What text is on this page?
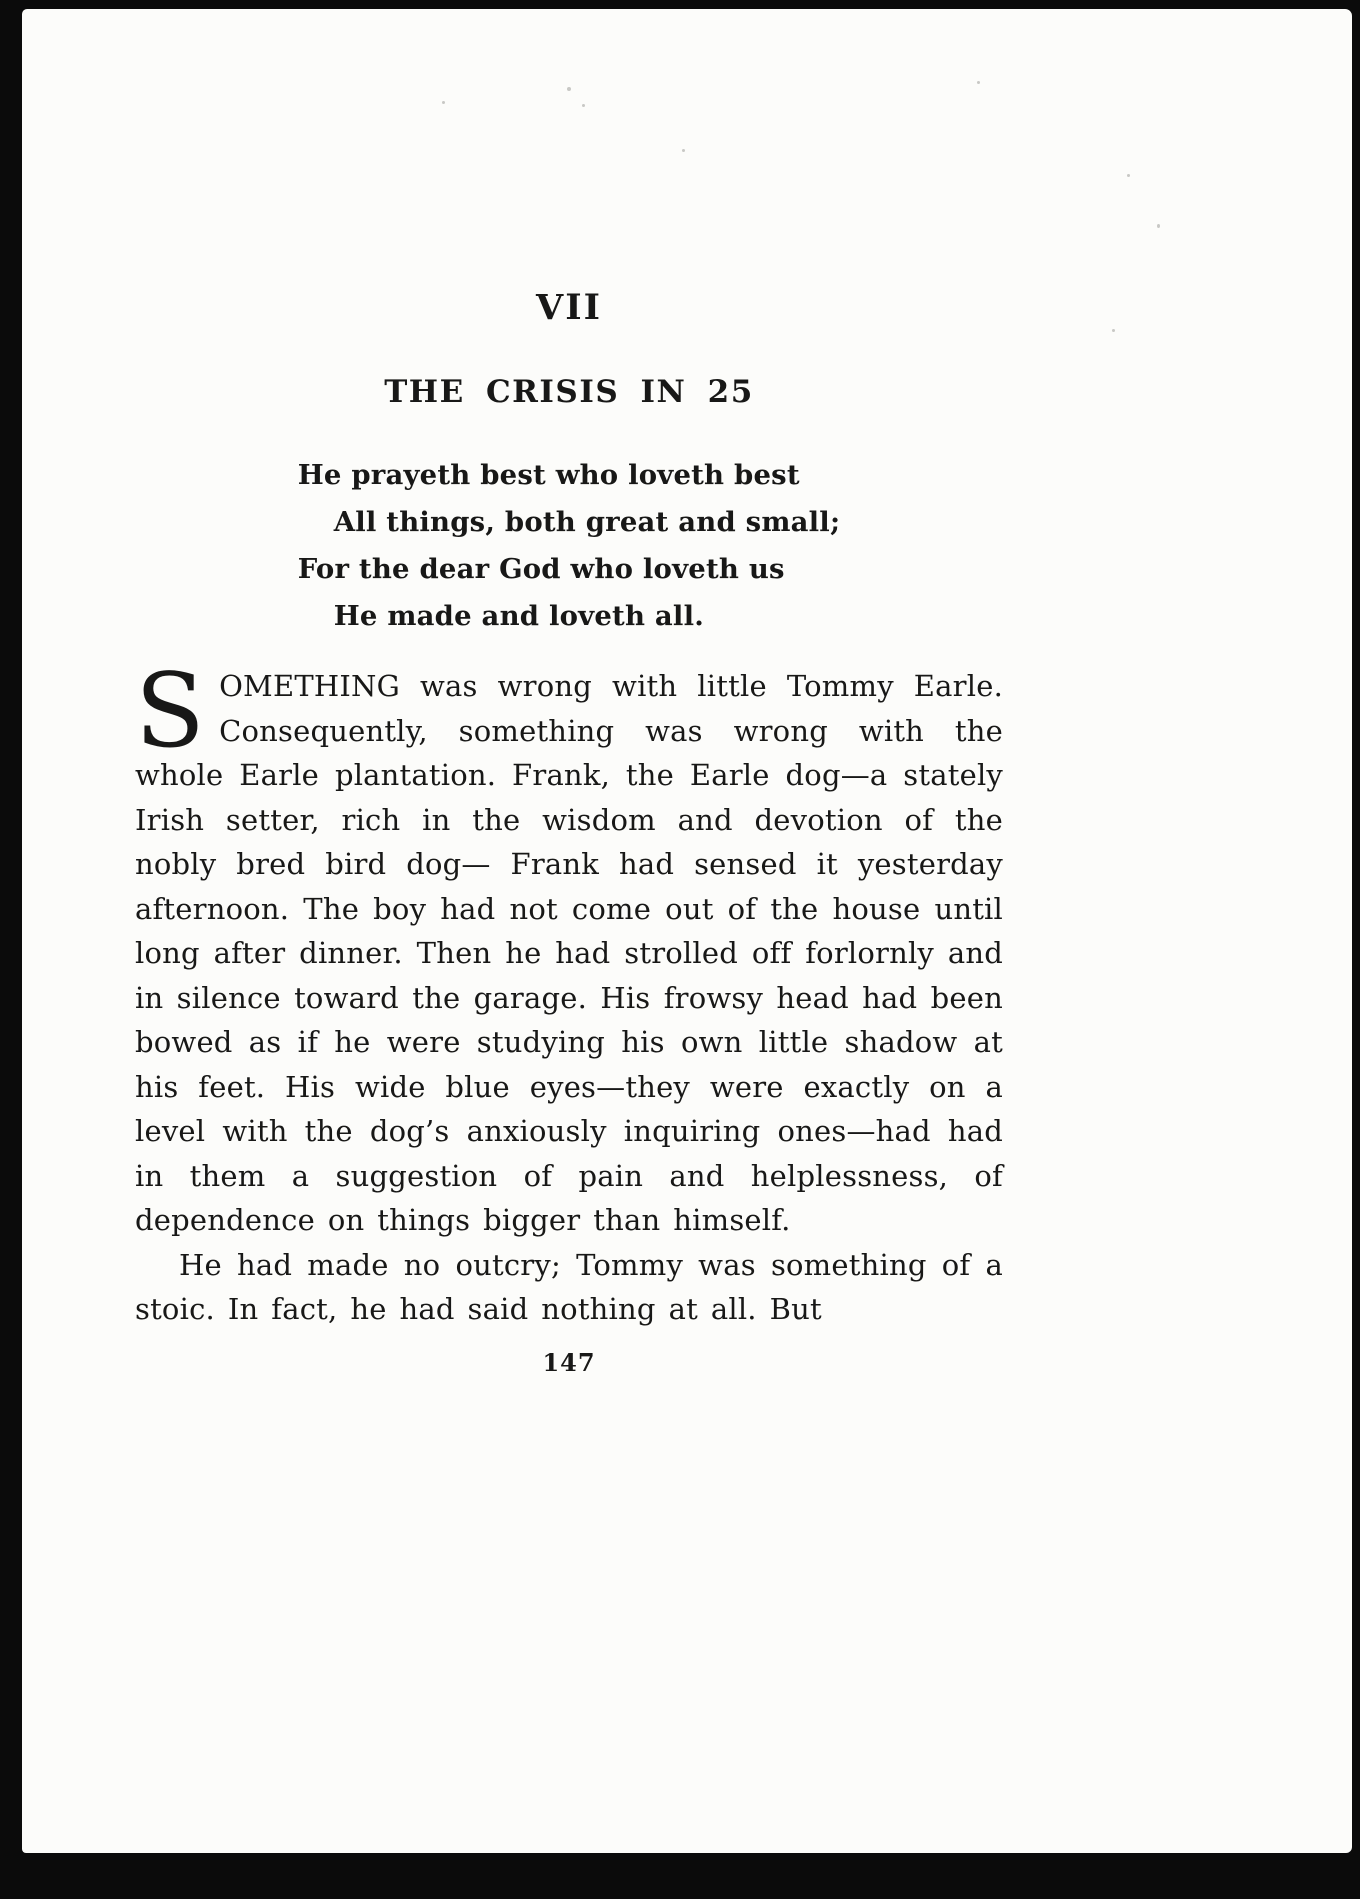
VII
THE CRISIS IN 25
He prayeth best who loveth best
All things, both great and small;
For the dear God who loveth us
He made and loveth all.

SOMETHING was wrong with little Tommy Earle. Consequently, something was wrong with the whole Earle plantation. Frank, the Earle dog—a stately Irish setter, rich in the wisdom and devotion of the nobly bred bird dog— Frank had sensed it yesterday afternoon. The boy had not come out of the house until long after dinner. Then he had strolled off forlornly and in silence toward the garage. His frowsy head had been bowed as if he were studying his own little shadow at his feet. His wide blue eyes—they were exactly on a level with the dog’s anxiously inquiring ones—had had in them a suggestion of pain and helplessness, of dependence on things bigger than himself.

He had made no outcry; Tommy was something of a stoic. In fact, he had said nothing at all. But

147
